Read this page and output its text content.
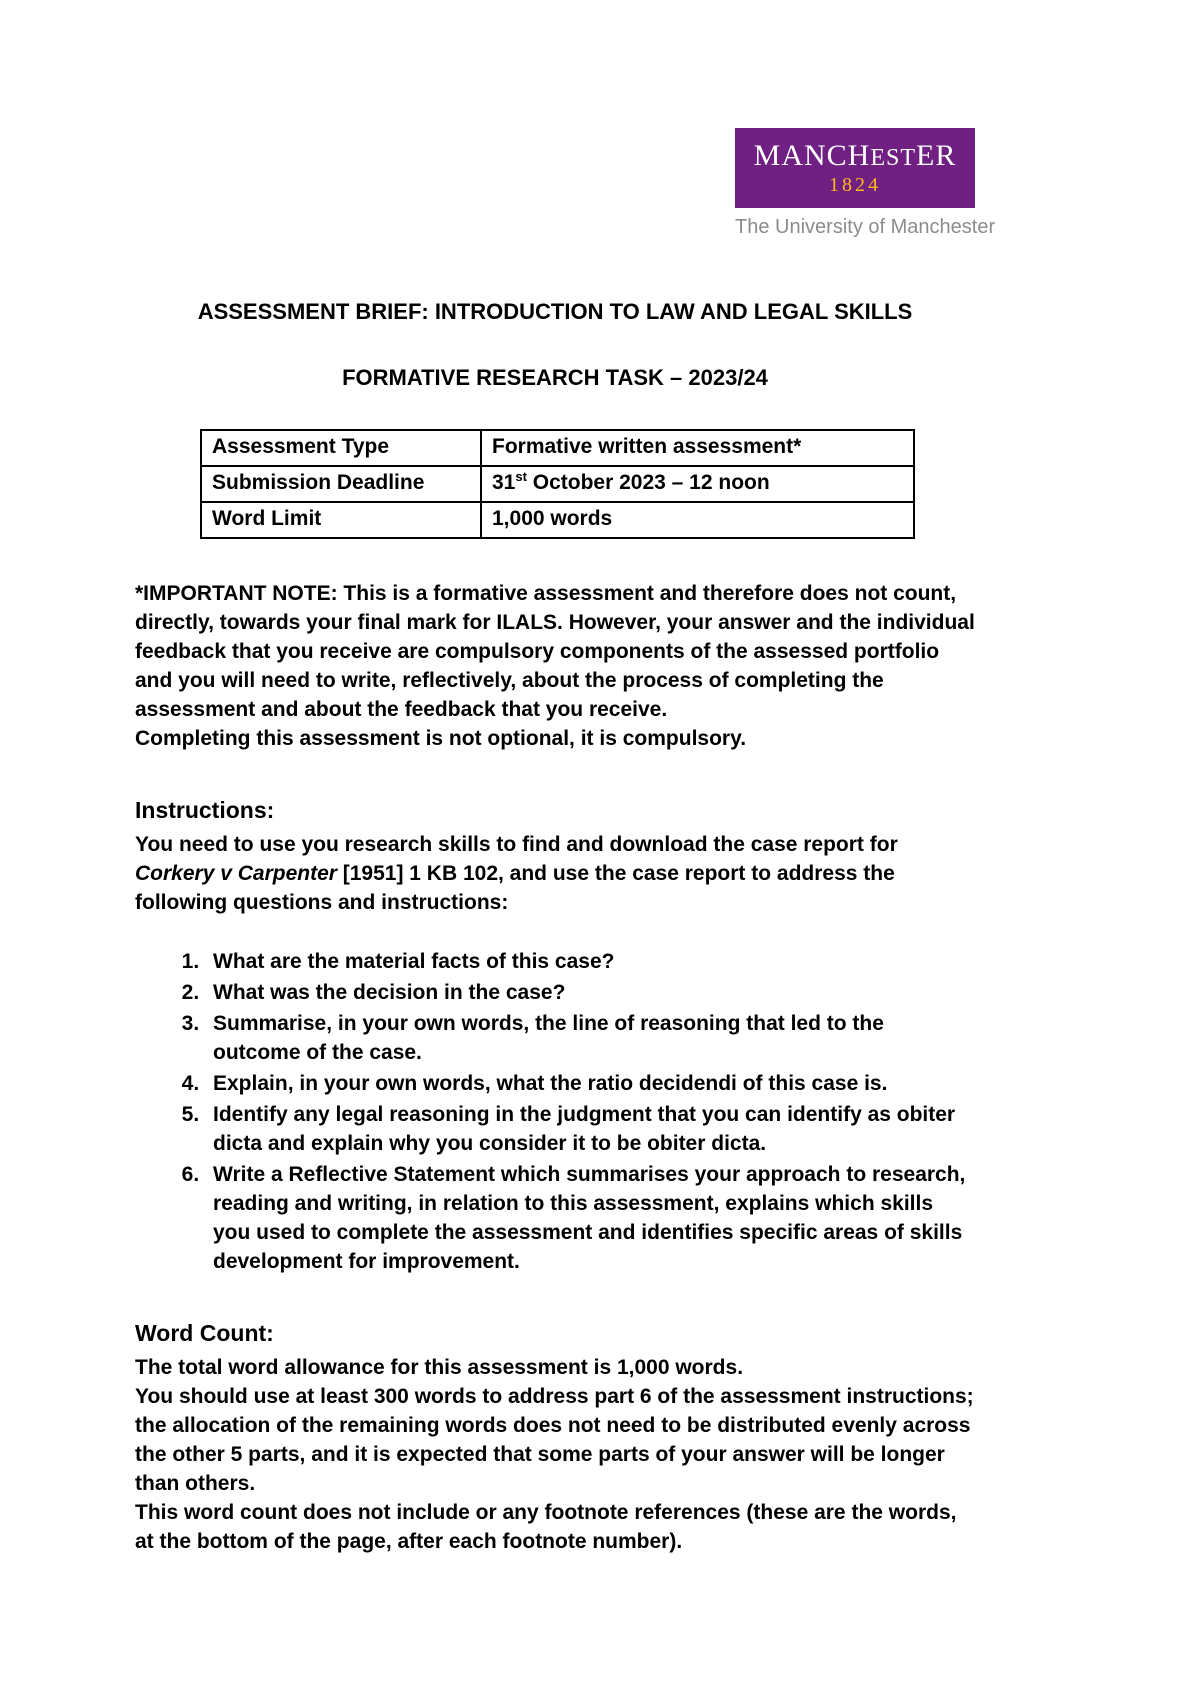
MANCHESTER
1824
The University of Manchester
ASSESSMENT BRIEF: INTRODUCTION TO LAW AND LEGAL SKILLS
FORMATIVE RESEARCH TASK – 2023/24
Assessment Type	Formative written assessment*
Submission Deadline	31st October 2023 – 12 noon
Word Limit	1,000 words

*IMPORTANT NOTE: This is a formative assessment and therefore does not count, directly, towards your final mark for ILALS. However, your answer and the individual feedback that you receive are compulsory components of the assessed portfolio and you will need to write, reflectively, about the process of completing the assessment and about the feedback that you receive.

Completing this assessment is not optional, it is compulsory.

Instructions:

You need to use you research skills to find and download the case report for Corkery v Carpenter [1951] 1 KB 102, and use the case report to address the following questions and instructions:

1. What are the material facts of this case?
2. What was the decision in the case?
3. Summarise, in your own words, the line of reasoning that led to the outcome of the case.
4. Explain, in your own words, what the ratio decidendi of this case is.
5. Identify any legal reasoning in the judgment that you can identify as obiter dicta and explain why you consider it to be obiter dicta.
6. Write a Reflective Statement which summarises your approach to research, reading and writing, in relation to this assessment, explains which skills you used to complete the assessment and identifies specific areas of skills development for improvement.
Word Count:

The total word allowance for this assessment is 1,000 words.

You should use at least 300 words to address part 6 of the assessment instructions; the allocation of the remaining words does not need to be distributed evenly across the other 5 parts, and it is expected that some parts of your answer will be longer than others.

This word count does not include or any footnote references (these are the words, at the bottom of the page, after each footnote number).
